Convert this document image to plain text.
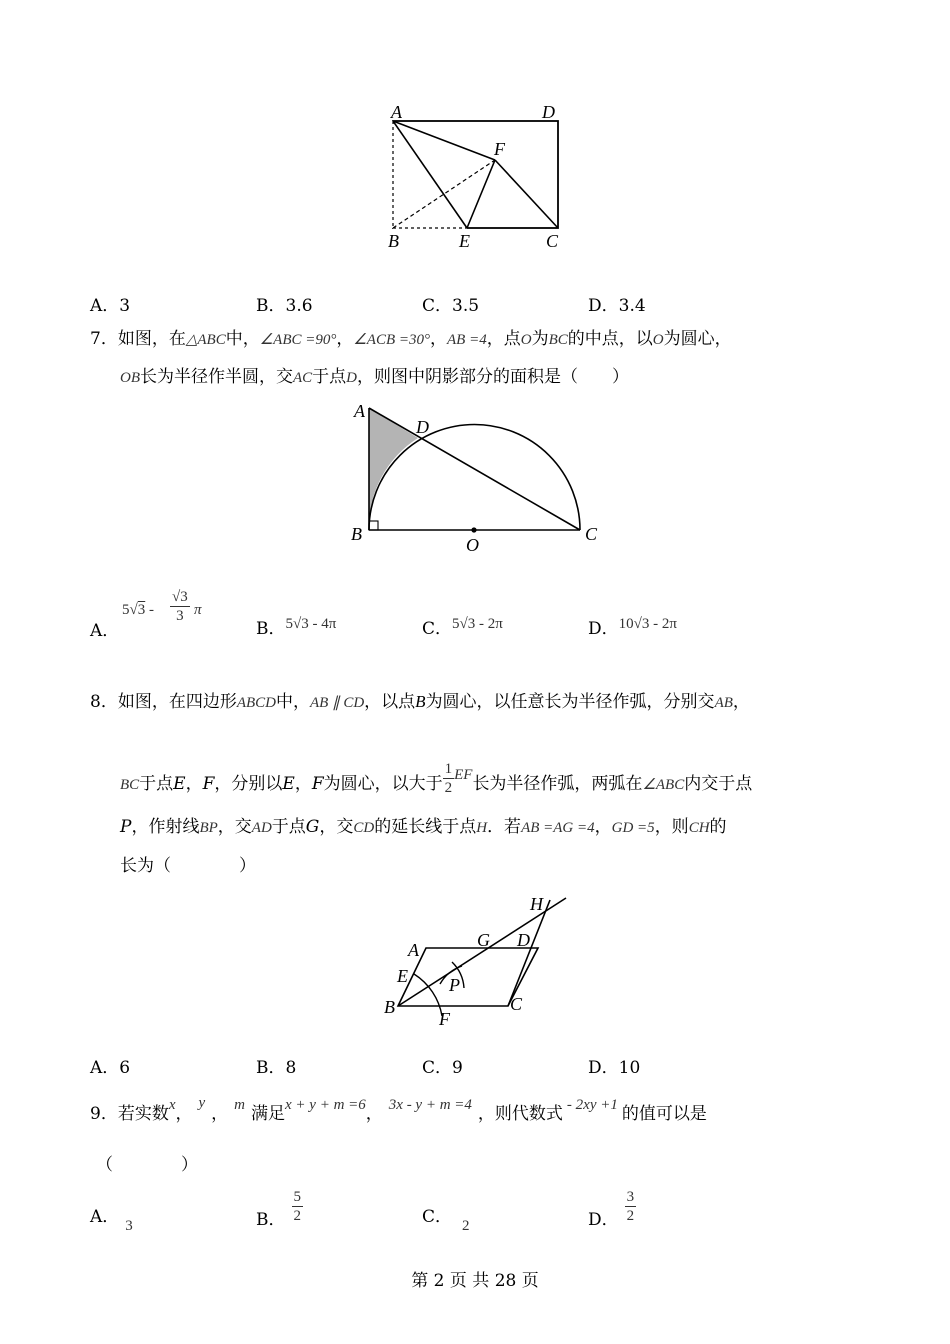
A	D
F
B	E	C
A．3	B．3.6	C．3.5	D．3.4
7．如图，在△ABC中，∠ABC =90°，∠ACB =30°，AB =4，点O为BC的中点，以O为圆心，
OB长为半径作半圆，交AC于点D，则图中阴影部分的面积是（　　）
A
D
B
O
C
A．
$5√3 - \frac{√3}{3}$ π
B．5√3 - 4π	C．5√3 - 2π	D．10√3 - 2π
8．如图，在四边形ABCD中，AB ∥ CD，以点B为圆心，以任意长为半径作弧，分别交AB，
BC于点E，F，分别以E，F为圆心，以大于 $\frac{1}{2}$ EF长为半径作弧，两弧在∠ABC内交于点
P，作射线BP，交AD于点G，交CD的延长线于点H．若AB =AG =4，GD =5，则CH的
长为（　　　　）
H
A	G D
E P
B	C
F
A．6	B．8	C．9	D．10
9．若实数x，y， m 满足x + y + m =6， 3x - y + m =4 ，则代数式 - 2xy +1 的值可以是
（　　　　）
A． 3	B． $\frac{5}{2}$	C． 2	D． $\frac{3}{2}$
第 2 页 共 28 页
